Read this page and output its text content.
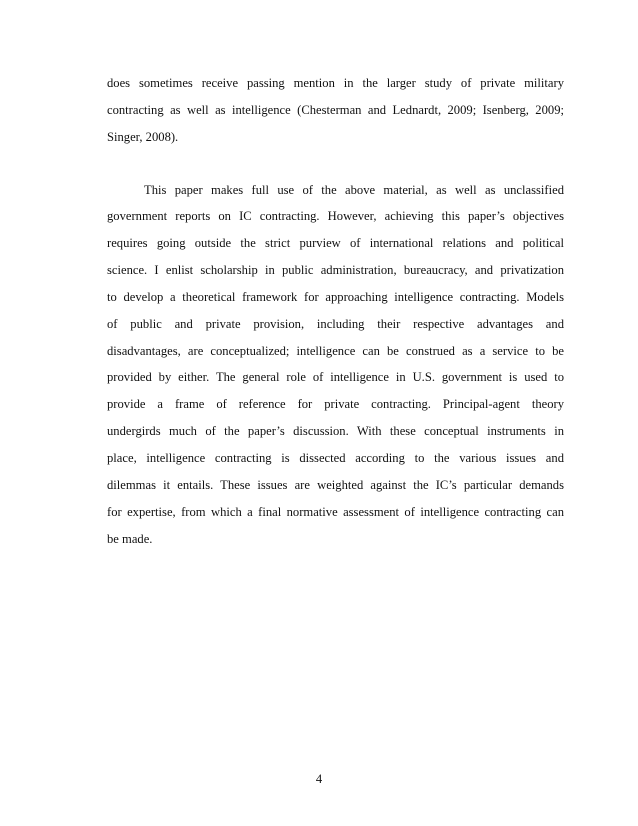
does sometimes receive passing mention in the larger study of private military
contracting as well as intelligence (Chesterman and Lednardt, 2009; Isenberg, 2009;
Singer, 2008).
This paper makes full use of the above material, as well as unclassified
government reports on IC contracting. However, achieving this paper’s objectives
requires going outside the strict purview of international relations and political
science. I enlist scholarship in public administration, bureaucracy, and privatization
to develop a theoretical framework for approaching intelligence contracting. Models
of public and private provision, including their respective advantages and
disadvantages, are conceptualized; intelligence can be construed as a service to be
provided by either. The general role of intelligence in U.S. government is used to
provide a frame of reference for private contracting. Principal-agent theory
undergirds much of the paper’s discussion. With these conceptual instruments in
place, intelligence contracting is dissected according to the various issues and
dilemmas it entails. These issues are weighted against the IC’s particular demands
for expertise, from which a final normative assessment of intelligence contracting can
be made.
4
